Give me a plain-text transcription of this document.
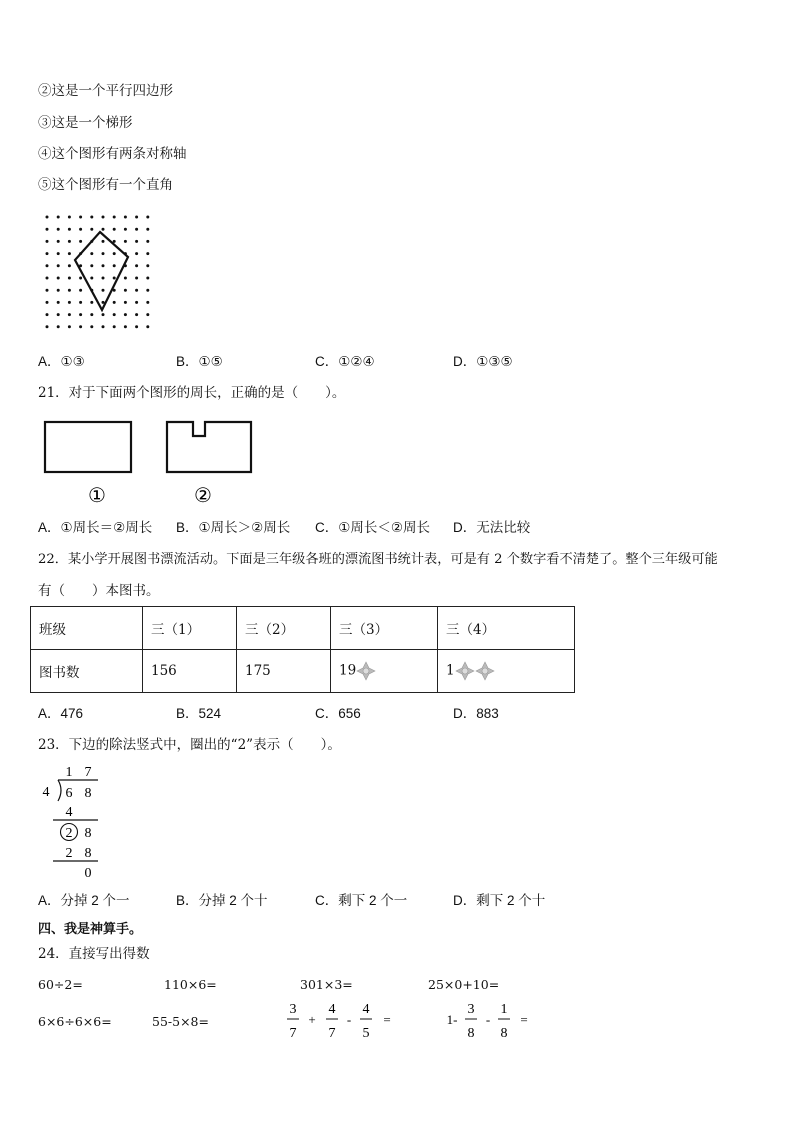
②这是一个平行四边形
③这是一个梯形
④这个图形有两条对称轴
⑤这个图形有一个直角
A．①③	B．①⑤	C．①②④	D．①③⑤
21．对于下面两个图形的周长，正确的是（　　）。
①	②
A．①周长＝②周长 B．①周长＞②周长 C．①周长＜②周长 D．无法比较
22．某小学开展图书漂流活动。下面是三年级各班的漂流图书统计表，可是有 2 个数字看不清楚了。整个三年级可能
有（　　）本图书。
班级	三（1）	三（2）	三（3）	三（4）
图书数	156	175	19	1
A．476	B．524	C．656	D．883
23．下边的除法竖式中，圈出的“2”表示（　　）。
1 7
4 6 8
4
2 8
2 8
0
A．分掉 2 个一	B．分掉 2 个十	C．剩下 2 个一	D．剩下 2 个十
四、我是神算手。
24．直接写出得数
60÷2=	110×6=	301×3=	25×0+10=
6×6÷6×6=	55-5×8=
3
7
+
4
7
-
4
5
=	1-
3
8
-
1
8
=
